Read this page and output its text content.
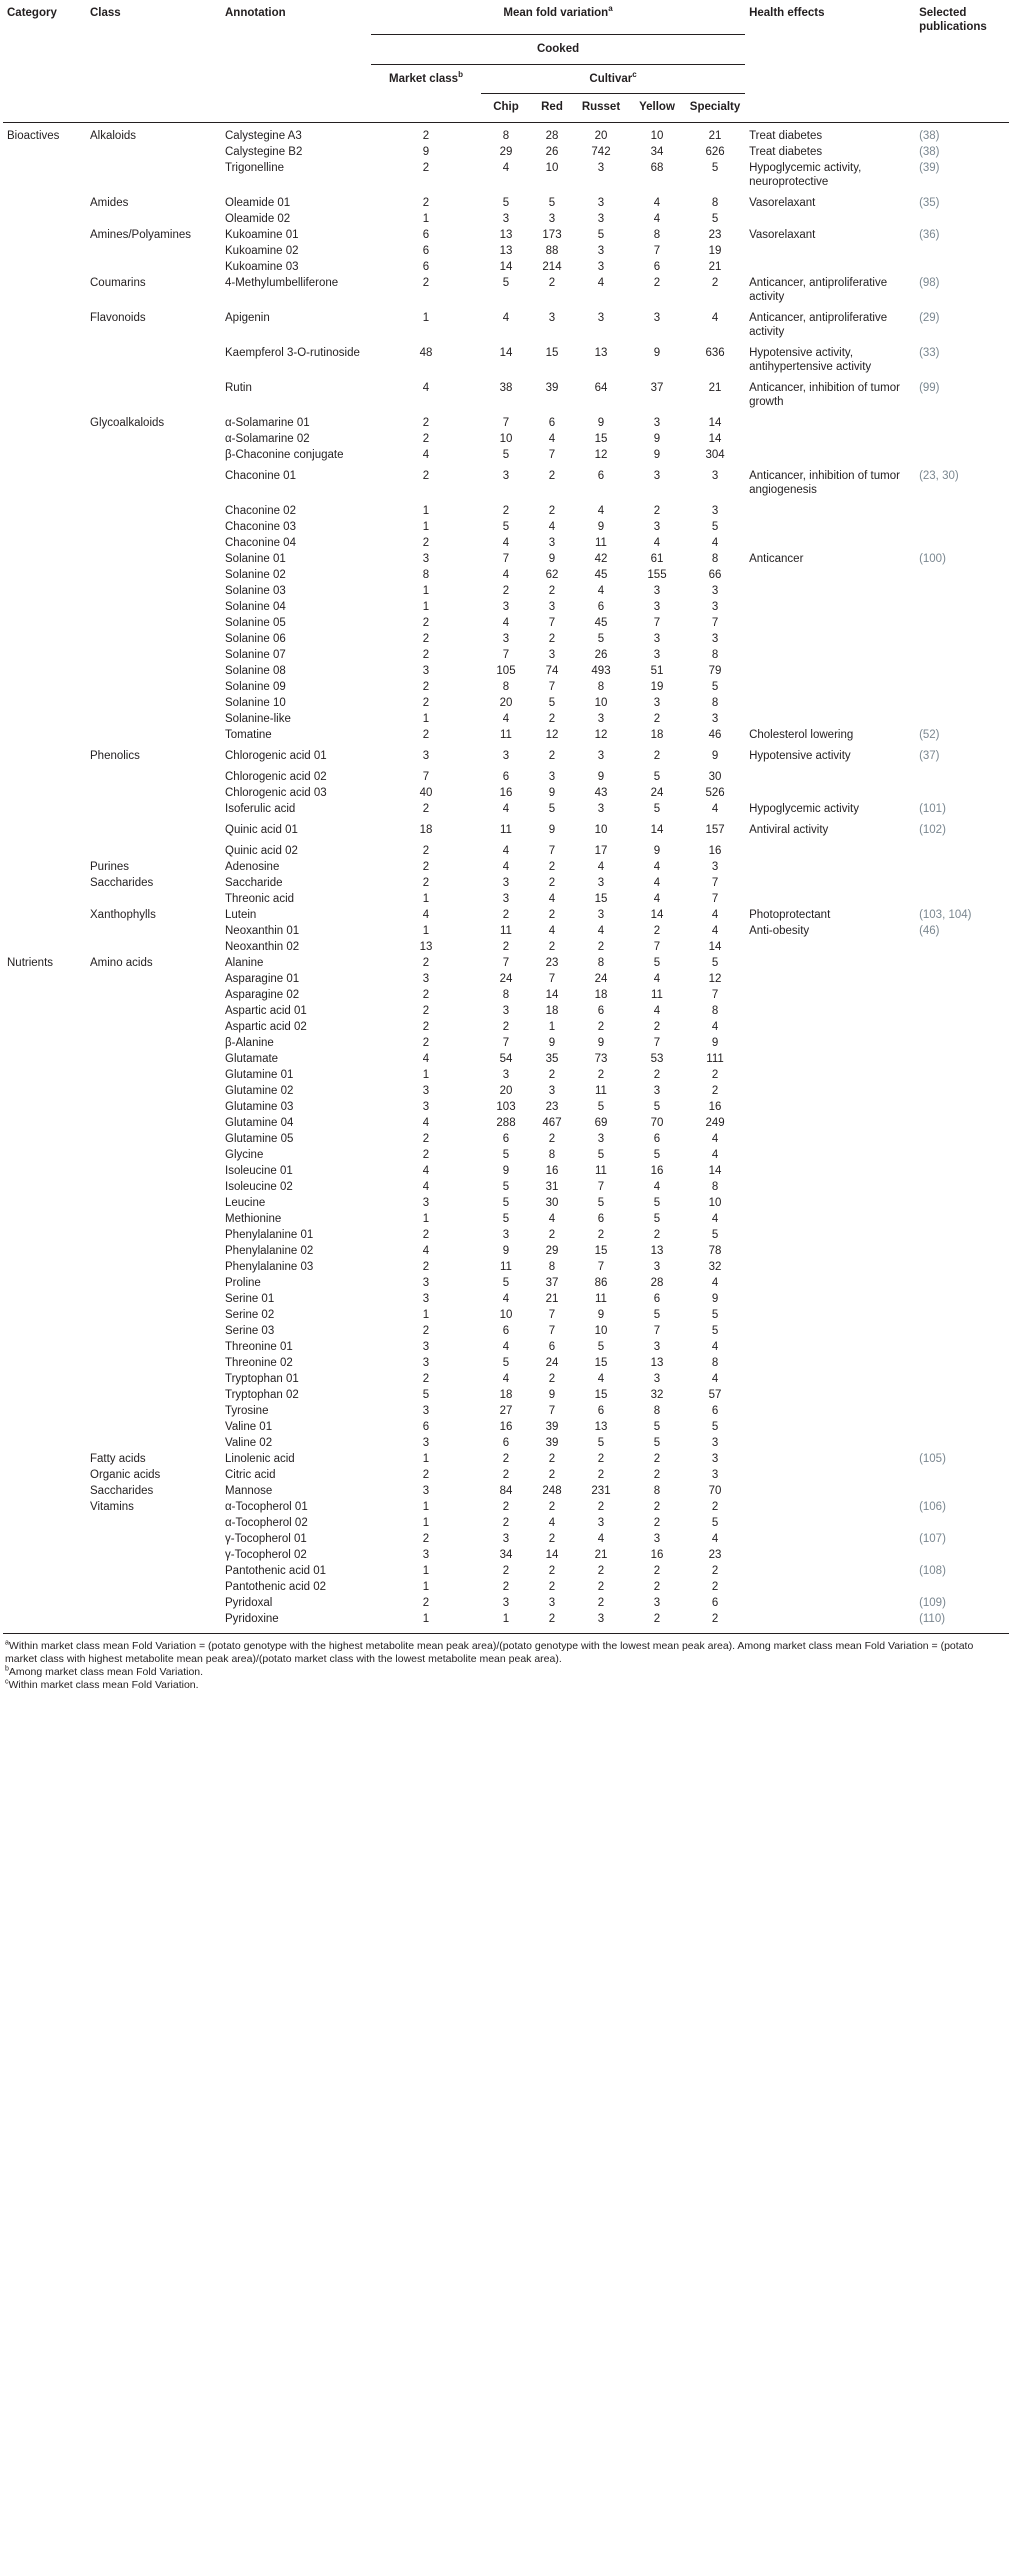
Category	Class	Annotation	Mean fold variation$^a$						Health effects	Selected publications
			Cooked							
			Market class$^b$	Cultivar$^c$		
				Chip	Red	Russet	Yellow	Specialty		
Bioactives	Alkaloids	Calystegine A3	2	8	28	20	10	21	Treat diabetes	(38)
		Calystegine B2	9	29	26	742	34	626	Treat diabetes	(38)
		Trigonelline	2	4	10	3	68	5	Hypoglycemic activity, neuroprotective	(39)
	Amides	Oleamide 01	2	5	5	3	4	8	Vasorelaxant	(35)
		Oleamide 02	1	3	3	3	4	5		
	Amines/Polyamines	Kukoamine 01	6	13	173	5	8	23	Vasorelaxant	(36)
		Kukoamine 02	6	13	88	3	7	19		
		Kukoamine 03	6	14	214	3	6	21		
	Coumarins	4-Methylumbelliferone	2	5	2	4	2	2	Anticancer, antiproliferative activity	(98)
	Flavonoids	Apigenin	1	4	3	3	3	4	Anticancer, antiproliferative activity	(29)
		Kaempferol 3-O-rutinoside	48	14	15	13	9	636	Hypotensive activity, antihypertensive activity	(33)
		Rutin	4	38	39	64	37	21	Anticancer, inhibition of tumor growth	(99)
	Glycoalkaloids	α-Solamarine 01	2	7	6	9	3	14		
		α-Solamarine 02	2	10	4	15	9	14		
		β-Chaconine conjugate	4	5	7	12	9	304		
		Chaconine 01	2	3	2	6	3	3	Anticancer, inhibition of tumor angiogenesis	(23, 30)
		Chaconine 02	1	2	2	4	2	3		
		Chaconine 03	1	5	4	9	3	5		
		Chaconine 04	2	4	3	11	4	4		
		Solanine 01	3	7	9	42	61	8	Anticancer	(100)
		Solanine 02	8	4	62	45	155	66		
		Solanine 03	1	2	2	4	3	3		
		Solanine 04	1	3	3	6	3	3		
		Solanine 05	2	4	7	45	7	7		
		Solanine 06	2	3	2	5	3	3		
		Solanine 07	2	7	3	26	3	8		
		Solanine 08	3	105	74	493	51	79		
		Solanine 09	2	8	7	8	19	5		
		Solanine 10	2	20	5	10	3	8		
		Solanine-like	1	4	2	3	2	3		
		Tomatine	2	11	12	12	18	46	Cholesterol lowering	(52)
	Phenolics	Chlorogenic acid 01	3	3	2	3	2	9	Hypotensive activity	(37)
		Chlorogenic acid 02	7	6	3	9	5	30		
		Chlorogenic acid 03	40	16	9	43	24	526		
		Isoferulic acid	2	4	5	3	5	4	Hypoglycemic activity	(101)
		Quinic acid 01	18	11	9	10	14	157	Antiviral activity	(102)
		Quinic acid 02	2	4	7	17	9	16		
	Purines	Adenosine	2	4	2	4	4	3		
	Saccharides	Saccharide	2	3	2	3	4	7		
		Threonic acid	1	3	4	15	4	7		
	Xanthophylls	Lutein	4	2	2	3	14	4	Photoprotectant	(103, 104)
		Neoxanthin 01	1	11	4	4	2	4	Anti-obesity	(46)
		Neoxanthin 02	13	2	2	2	7	14		
Nutrients	Amino acids	Alanine	2	7	23	8	5	5		
		Asparagine 01	3	24	7	24	4	12		
		Asparagine 02	2	8	14	18	11	7		
		Aspartic acid 01	2	3	18	6	4	8		
		Aspartic acid 02	2	2	1	2	2	4		
		β-Alanine	2	7	9	9	7	9		
		Glutamate	4	54	35	73	53	111		
		Glutamine 01	1	3	2	2	2	2		
		Glutamine 02	3	20	3	11	3	2		
		Glutamine 03	3	103	23	5	5	16		
		Glutamine 04	4	288	467	69	70	249		
		Glutamine 05	2	6	2	3	6	4		
		Glycine	2	5	8	5	5	4		
		Isoleucine 01	4	9	16	11	16	14		
		Isoleucine 02	4	5	31	7	4	8		
		Leucine	3	5	30	5	5	10		
		Methionine	1	5	4	6	5	4		
		Phenylalanine 01	2	3	2	2	2	5		
		Phenylalanine 02	4	9	29	15	13	78		
		Phenylalanine 03	2	11	8	7	3	32		
		Proline	3	5	37	86	28	4		
		Serine 01	3	4	21	11	6	9		
		Serine 02	1	10	7	9	5	5		
		Serine 03	2	6	7	10	7	5		
		Threonine 01	3	4	6	5	3	4		
		Threonine 02	3	5	24	15	13	8		
		Tryptophan 01	2	4	2	4	3	4		
		Tryptophan 02	5	18	9	15	32	57		
		Tyrosine	3	27	7	6	8	6		
		Valine 01	6	16	39	13	5	5		
		Valine 02	3	6	39	5	5	3		
	Fatty acids	Linolenic acid	1	2	2	2	2	3		(105)
	Organic acids	Citric acid	2	2	2	2	2	3		
	Saccharides	Mannose	3	84	248	231	8	70		
	Vitamins	α-Tocopherol 01	1	2	2	2	2	2		(106)
		α-Tocopherol 02	1	2	4	3	2	5		
		γ-Tocopherol 01	2	3	2	4	3	4		(107)
		γ-Tocopherol 02	3	34	14	21	16	23		
		Pantothenic acid 01	1	2	2	2	2	2		(108)
		Pantothenic acid 02	1	2	2	2	2	2		
		Pyridoxal	2	3	3	2	3	6		(109)
		Pyridoxine	1	1	2	3	2	2		(110)
$^a$Within market class mean Fold Variation = (potato genotype with the highest metabolite mean peak area)/(potato genotype with the lowest mean peak area). Among market class mean Fold Variation = (potato market class with highest metabolite mean peak area)/(potato market class with the lowest metabolite mean peak area).
$^b$Among market class mean Fold Variation.
$^c$Within market class mean Fold Variation.
